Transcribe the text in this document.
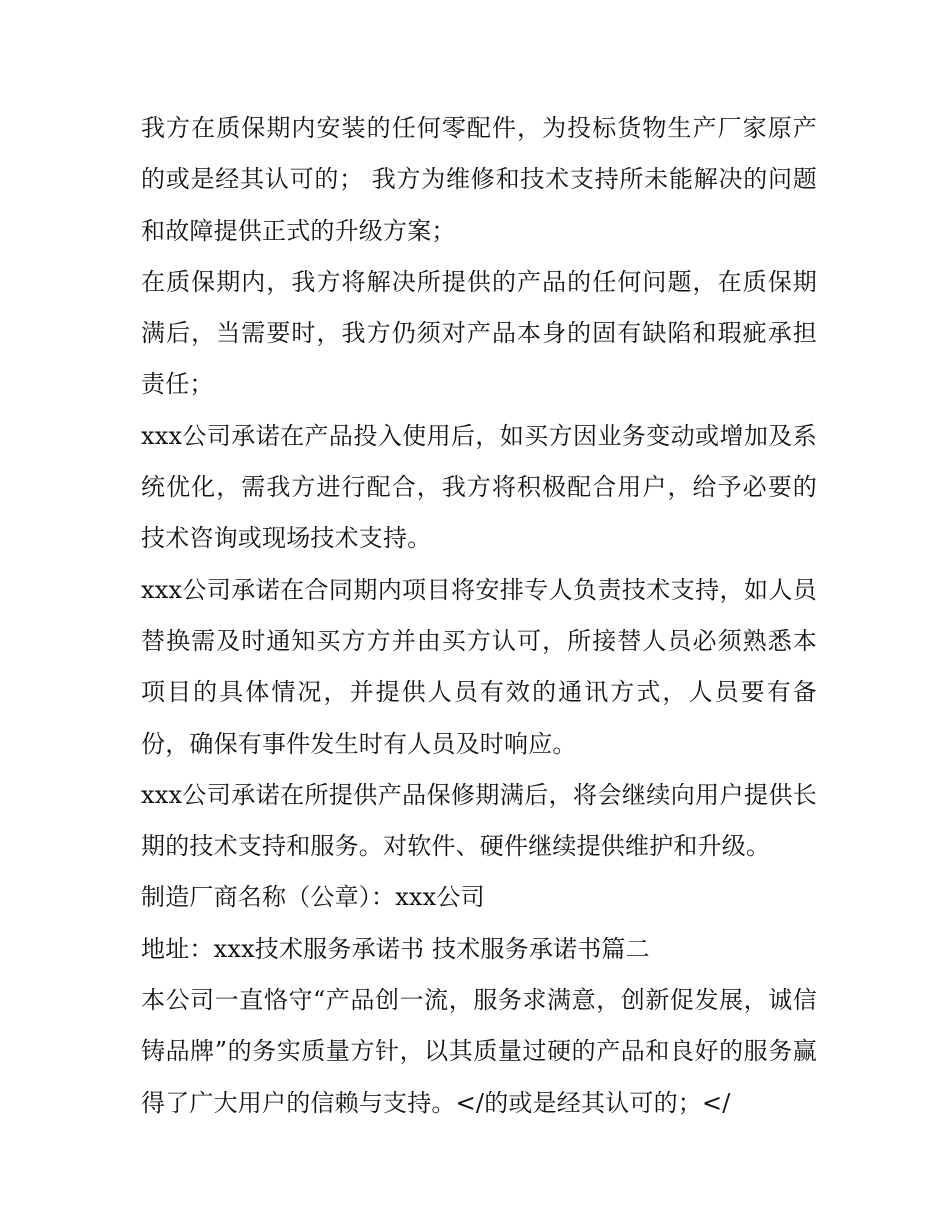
我方在质保期内安装的任何零配件，为投标货物生产厂家原产的或是经其认可的； 我方为维修和技术支持所未能解决的问题和故障提供正式的升级方案；

在质保期内，我方将解决所提供的产品的任何问题，在质保期满后，当需要时，我方仍须对产品本身的固有缺陷和瑕疵承担责任；

xxx公司承诺在产品投入使用后，如买方因业务变动或增加及系统优化，需我方进行配合，我方将积极配合用户，给予必要的技术咨询或现场技术支持。

xxx公司承诺在合同期内项目将安排专人负责技术支持，如人员替换需及时通知买方方并由买方认可，所接替人员必须熟悉本项目的具体情况，并提供人员有效的通讯方式，人员要有备份，确保有事件发生时有人员及时响应。

xxx公司承诺在所提供产品保修期满后，将会继续向用户提供长期的技术支持和服务。对软件、硬件继续提供维护和升级。

制造厂商名称（公章）：xxx公司

地址：xxx技术服务承诺书 技术服务承诺书篇二

本公司一直恪守“产品创一流，服务求满意，创新促发展，诚信铸品牌”的务实质量方针，以其质量过硬的产品和良好的服务赢得了广大用户的信赖与支持。</的或是经其认可的；</
